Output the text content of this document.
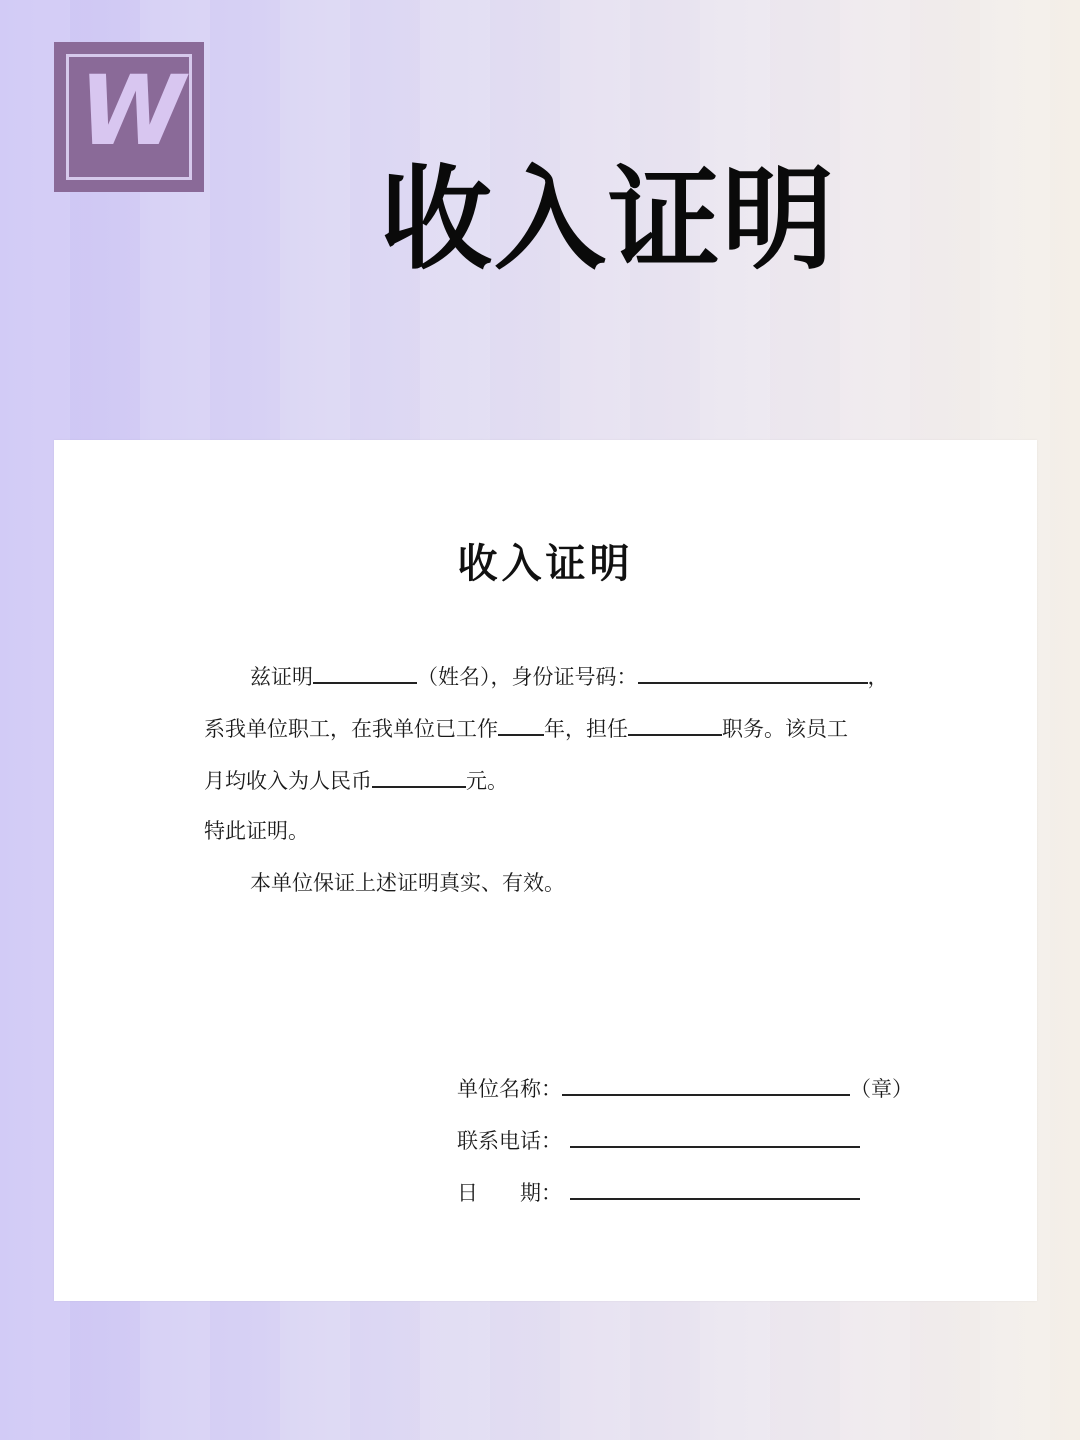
W
收入证明
收入证明
兹证明	（姓名），身份证号码：	，
系我单位职工，在我单位已工作 年，担任	职务。该员工
月均收入为人民币	元。
特此证明。
本单位保证上述证明真实、有效。
单位名称：	（章）
联系电话：
日　　期：
